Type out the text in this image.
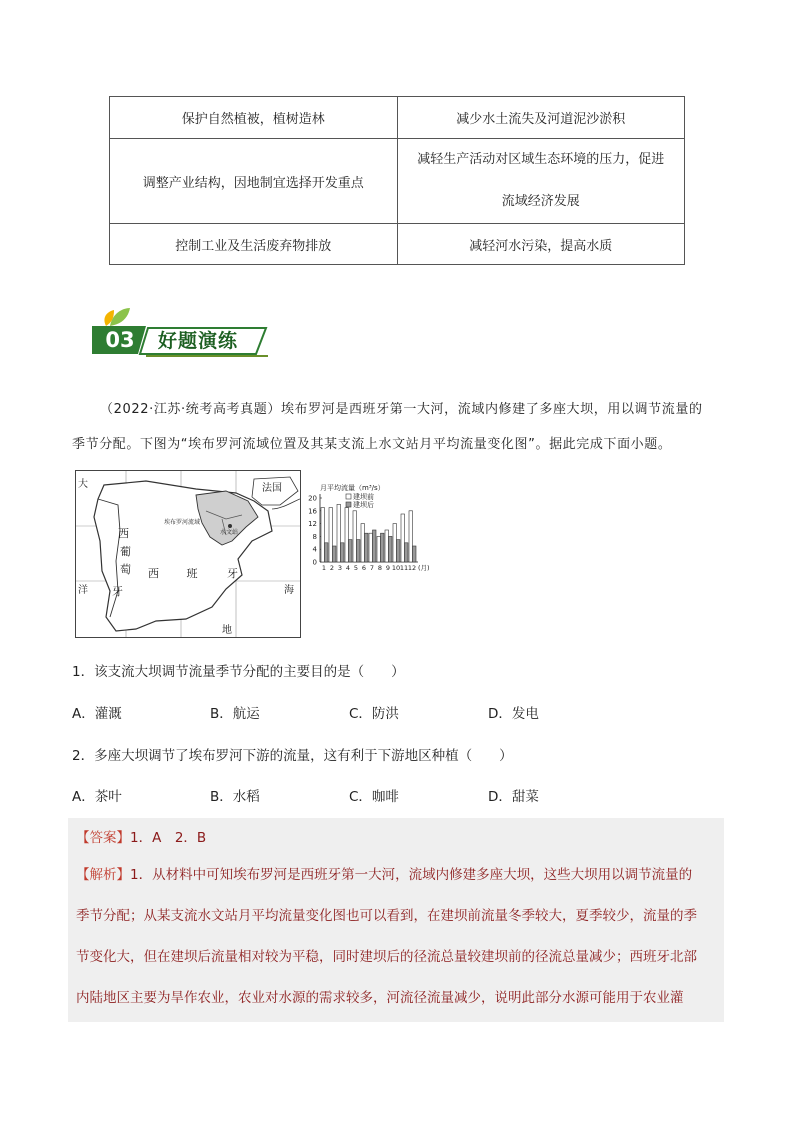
保护自然植被，植树造林	减少水土流失及河道泥沙淤积
调整产业结构，因地制宜选择开发重点	减轻生产活动对区域生态环境的压力，促进
流域经济发展

控制工业及生活废弃物排放	减轻河水污染，提高水质
03	好题演练
（2022·江苏·统考高考真题）埃布罗河是西班牙第一大河，流域内修建了多座大坝，用以调节流量的
季节分配。下图为“埃布罗河流域位置及其某支流上水文站月平均流量变化图”。据此完成下面小题。
大
西
葡
萄
牙
洋
西 班	牙
海
地
法国
埃布罗河流域
水文站
月平均流量（m³/s）
0
4
8
12
16
20
1 2 3 4 5 6 7 8 9 10 11 12 (月)
建坝前
建坝后
1．该支流大坝调节流量季节分配的主要目的是（　　）
A．灌溉	B．航运	C．防洪	D．发电
2．多座大坝调节了埃布罗河下游的流量，这有利于下游地区种植（　　）
A．茶叶	B．水稻	C．咖啡	D．甜菜
【答案】1．A　2．B
【解析】1．从材料中可知埃布罗河是西班牙第一大河，流域内修建多座大坝，这些大坝用以调节流量的
季节分配；从某支流水文站月平均流量变化图也可以看到，在建坝前流量冬季较大，夏季较少，流量的季
节变化大，但在建坝后流量相对较为平稳，同时建坝后的径流总量较建坝前的径流总量减少；西班牙北部
内陆地区主要为旱作农业，农业对水源的需求较多，河流径流量减少，说明此部分水源可能用于农业灌
